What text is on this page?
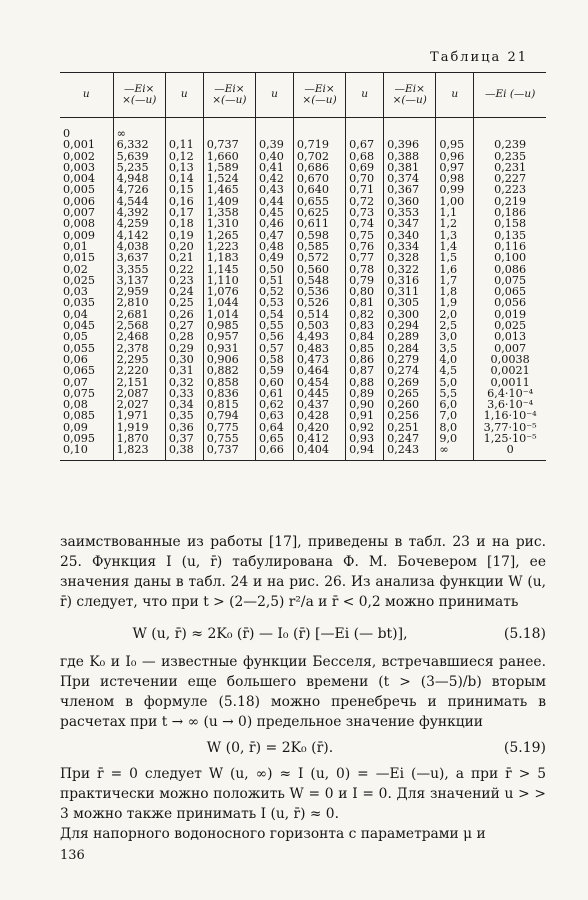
Таблица 21
u	—Ei× ×(—u)	u	—Ei× ×(—u)	u	—Ei× ×(—u)	u	—Ei× ×(—u)	u	—Ei (—u)

0	∞								
0,001	6,332	0,11	0,737	0,39	0,719	0,67	0,396	0,95	0,239
0,002	5,639	0,12	1,660	0,40	0,702	0,68	0,388	0,96	0,235
0,003	5,235	0,13	1,589	0,41	0,686	0,69	0,381	0,97	0,231
0,004	4,948	0,14	1,524	0,42	0,670	0,70	0,374	0,98	0,227
0,005	4,726	0,15	1,465	0,43	0,640	0,71	0,367	0,99	0,223
0,006	4,544	0,16	1,409	0,44	0,655	0,72	0,360	1,00	0,219
0,007	4,392	0,17	1,358	0,45	0,625	0,73	0,353	1,1	0,186
0,008	4,259	0,18	1,310	0,46	0,611	0,74	0,347	1,2	0,158
0,009	4,142	0,19	1,265	0,47	0,598	0,75	0,340	1,3	0,135
0,01	4,038	0,20	1,223	0,48	0,585	0,76	0,334	1,4	0,116
0,015	3,637	0,21	1,183	0,49	0,572	0,77	0,328	1,5	0,100
0,02	3,355	0,22	1,145	0,50	0,560	0,78	0,322	1,6	0,086
0,025	3,137	0,23	1,110	0,51	0,548	0,79	0,316	1,7	0,075
0,03	2,959	0,24	1,076	0,52	0,536	0,80	0,311	1,8	0,065
0,035	2,810	0,25	1,044	0,53	0,526	0,81	0,305	1,9	0,056
0,04	2,681	0,26	1,014	0,54	0,514	0,82	0,300	2,0	0,019
0,045	2,568	0,27	0,985	0,55	0,503	0,83	0,294	2,5	0,025
0,05	2,468	0,28	0,957	0,56	4,493	0,84	0,289	3,0	0,013
0,055	2,378	0,29	0,931	0,57	0,483	0,85	0,284	3,5	0,007
0,06	2,295	0,30	0,906	0,58	0,473	0,86	0,279	4,0	0,0038
0,065	2,220	0,31	0,882	0,59	0,464	0,87	0,274	4,5	0,0021
0,07	2,151	0,32	0,858	0,60	0,454	0,88	0,269	5,0	0,0011
0,075	2,087	0,33	0,836	0,61	0,445	0,89	0,265	5,5	6,4·10⁻⁴
0,08	2,027	0,34	0,815	0,62	0,437	0,90	0,260	6,0	3,6·10⁻⁴
0,085	1,971	0,35	0,794	0,63	0,428	0,91	0,256	7,0	1,16·10⁻⁴
0,09	1,919	0,36	0,775	0,64	0,420	0,92	0,251	8,0	3,77·10⁻⁵
0,095	1,870	0,37	0,755	0,65	0,412	0,93	0,247	9,0	1,25·10⁻⁵
0,10	1,823	0,38	0,737	0,66	0,404	0,94	0,243	∞	0
заимствованные из работы [17], приведены в табл. 23 и на рис. 25. Функция I (u, r̄) табулирована Ф. М. Бочевером [17], ее значения даны в табл. 24 и на рис. 26. Из анализа функции W (u, r̄) следует, что при t > (2—2,5) r²/a и r̄ < 0,2 можно принимать
W (u, r̄) ≈ 2K₀ (r̄) — I₀ (r̄) [—Ei (— bt)],	(5.18)
где K₀ и I₀ — известные функции Бесселя, встречавшиеся ранее. При истечении еще большего времени (t > (3—5)/b) вторым членом в формуле (5.18) можно пренебречь и принимать в расчетах при t → ∞ (u → 0) предельное значение функции
W (0, r̄) = 2K₀ (r̄).	(5.19)
При r̄ = 0 следует W (u, ∞) ≈ I (u, 0) = —Ei (—u), а при r̄ > 5 практически можно положить W = 0 и I = 0. Для значений u > > 3 можно также принимать I (u, r̄) ≈ 0.
Для напорного водоносного горизонта с параметрами μ и
136
